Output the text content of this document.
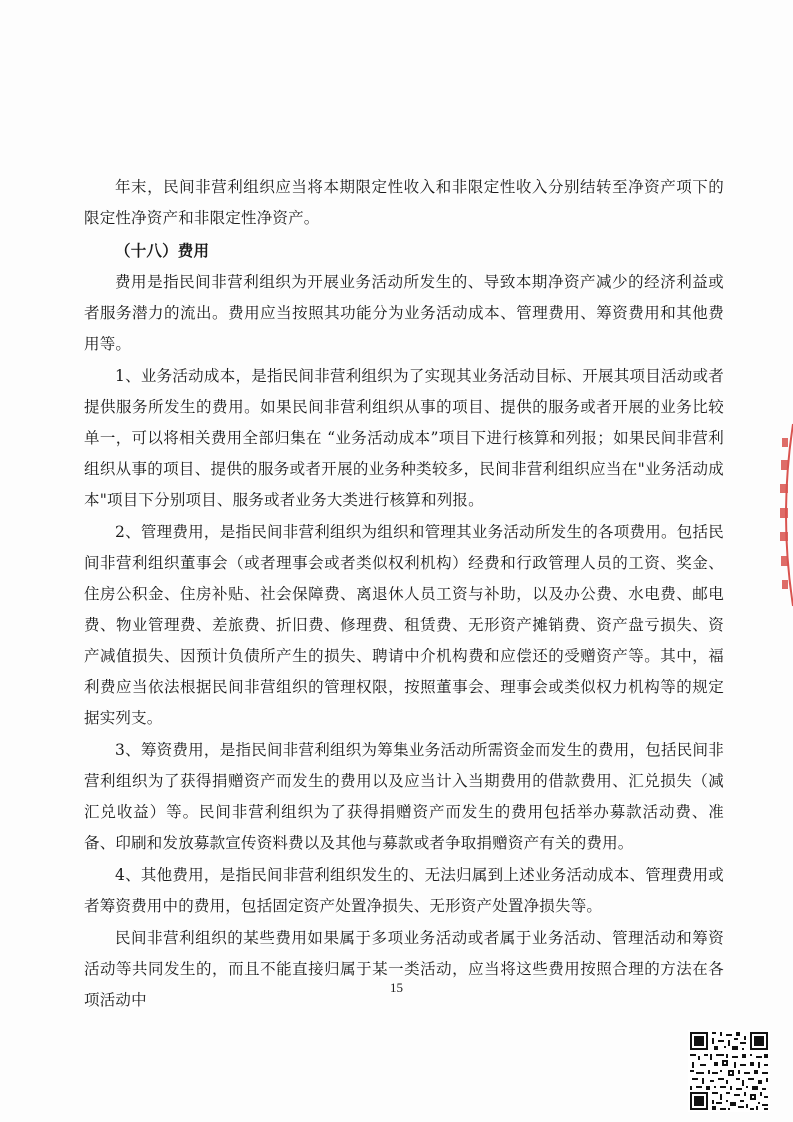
年末，民间非营利组织应当将本期限定性收入和非限定性收入分别结转至净资产项下的限定性净资产和非限定性净资产。

（十八）费用

费用是指民间非营利组织为开展业务活动所发生的、导致本期净资产减少的经济利益或者服务潜力的流出。费用应当按照其功能分为业务活动成本、管理费用、筹资费用和其他费用等。

1、业务活动成本，是指民间非营利组织为了实现其业务活动目标、开展其项目活动或者提供服务所发生的费用。如果民间非营利组织从事的项目、提供的服务或者开展的业务比较单一，可以将相关费用全部归集在 “业务活动成本”项目下进行核算和列报；如果民间非营利组织从事的项目、提供的服务或者开展的业务种类较多，民间非营利组织应当在"业务活动成本"项目下分别项目、服务或者业务大类进行核算和列报。

2、管理费用，是指民间非营利组织为组织和管理其业务活动所发生的各项费用。包括民间非营利组织董事会（或者理事会或者类似权利机构）经费和行政管理人员的工资、奖金、住房公积金、住房补贴、社会保障费、离退休人员工资与补助，以及办公费、水电费、邮电费、物业管理费、差旅费、折旧费、修理费、租赁费、无形资产摊销费、资产盘亏损失、资产减值损失、因预计负债所产生的损失、聘请中介机构费和应偿还的受赠资产等。其中，福利费应当依法根据民间非营组织的管理权限，按照董事会、理事会或类似权力机构等的规定据实列支。

3、筹资费用，是指民间非营利组织为筹集业务活动所需资金而发生的费用，包括民间非营利组织为了获得捐赠资产而发生的费用以及应当计入当期费用的借款费用、汇兑损失（减汇兑收益）等。民间非营利组织为了获得捐赠资产而发生的费用包括举办募款活动费、准备、印刷和发放募款宣传资料费以及其他与募款或者争取捐赠资产有关的费用。

4、其他费用，是指民间非营利组织发生的、无法归属到上述业务活动成本、管理费用或者筹资费用中的费用，包括固定资产处置净损失、无形资产处置净损失等。

民间非营利组织的某些费用如果属于多项业务活动或者属于业务活动、管理活动和筹资活动等共同发生的，而且不能直接归属于某一类活动，应当将这些费用按照合理的方法在各项活动中

15
